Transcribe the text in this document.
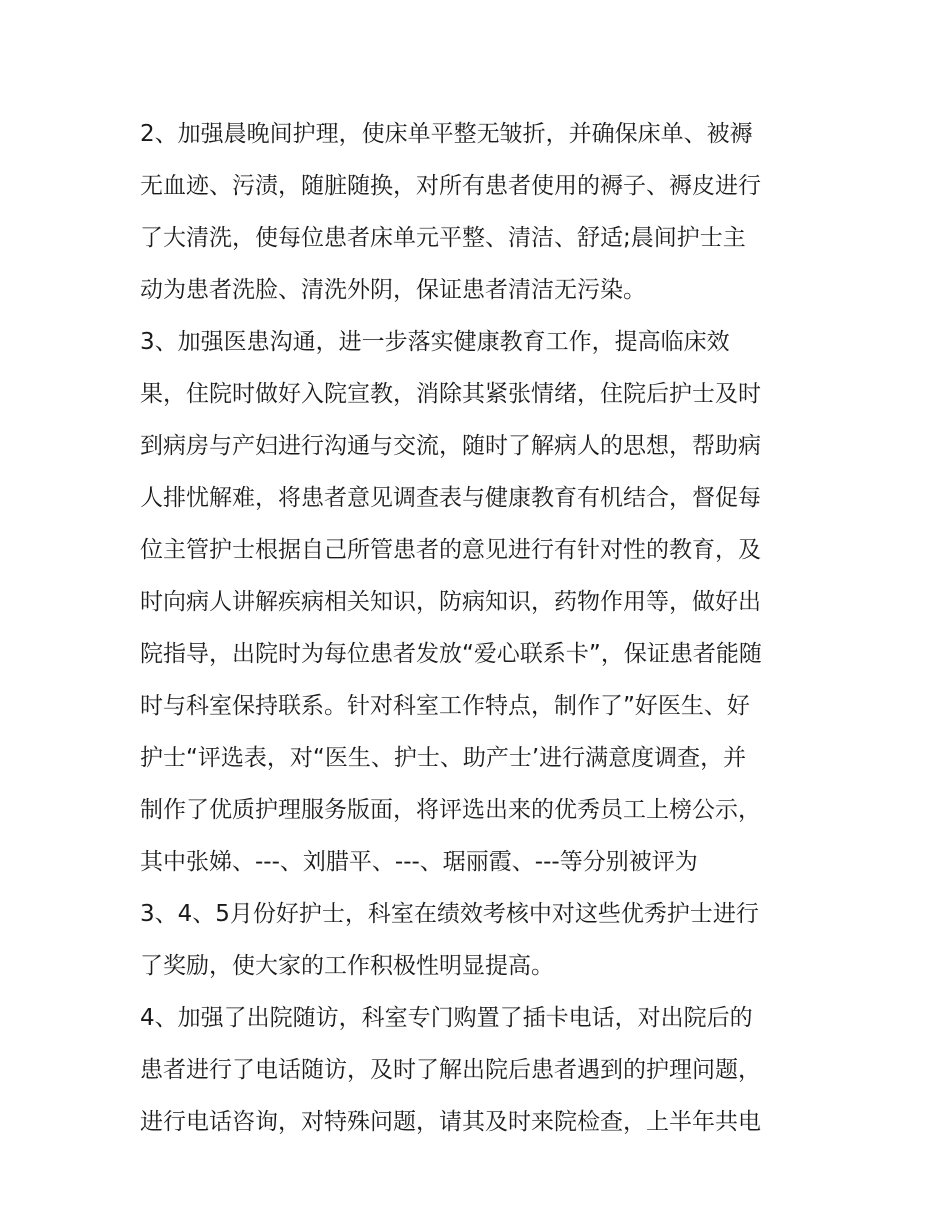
2、加强晨晚间护理，使床单平整无皱折，并确保床单、被褥
无血迹、污渍，随脏随换，对所有患者使用的褥子、褥皮进行
了大清洗，使每位患者床单元平整、清洁、舒适;晨间护士主
动为患者洗脸、清洗外阴，保证患者清洁无污染。
3、加强医患沟通，进一步落实健康教育工作，提高临床效
果，住院时做好入院宣教，消除其紧张情绪，住院后护士及时
到病房与产妇进行沟通与交流，随时了解病人的思想，帮助病
人排忧解难，将患者意见调查表与健康教育有机结合，督促每
位主管护士根据自己所管患者的意见进行有针对性的教育，及
时向病人讲解疾病相关知识，防病知识，药物作用等，做好出
院指导，出院时为每位患者发放“爱心联系卡”，保证患者能随
时与科室保持联系。针对科室工作特点，制作了”好医生、好
护士“评选表，对“医生、护士、助产士’进行满意度调查，并
制作了优质护理服务版面，将评选出来的优秀员工上榜公示，
其中张娣、---、刘腊平、---、琚丽霞、---等分别被评为
3、4、5月份好护士，科室在绩效考核中对这些优秀护士进行
了奖励，使大家的工作积极性明显提高。
4、加强了出院随访，科室专门购置了插卡电话，对出院后的
患者进行了电话随访，及时了解出院后患者遇到的护理问题，
进行电话咨询，对特殊问题，请其及时来院检查，上半年共电
